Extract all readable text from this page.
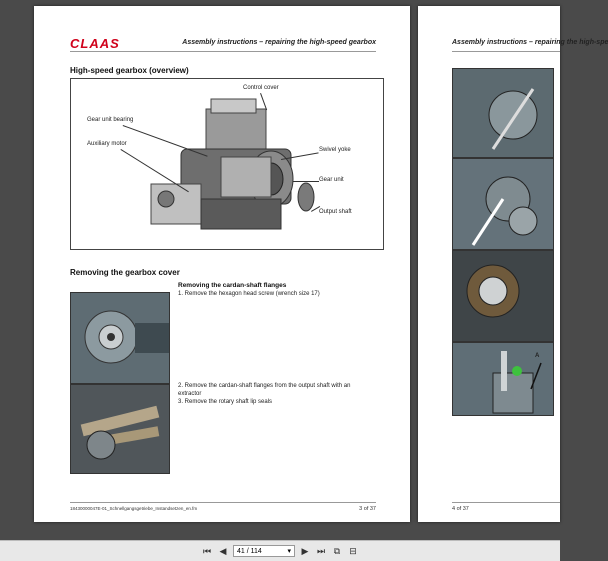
CLAAS	Assembly instructions – repairing the high-speed gearbox
High-speed gearbox (overview)
Control cover
Gear unit bearing
Auxiliary motor
Swivel yoke
Gear unit
Output shaft
Removing the gearbox cover
Removing the cardan-shaft flanges
1. Remove the hexagon head screw (wrench size 17)
2. Remove the cardan-shaft flanges from the output shaft with an extractor
3. Remove the rotary shaft lip seals
18430000047E-01_Schnellgangsgetriebe_Instandsetzen_en.fm	3 of 37
Assembly instructions – repairing the high-spe
A
4 of 37
⏮ ◀	41 / 114	▾ ▶ ⏭ ⧉	⊟
